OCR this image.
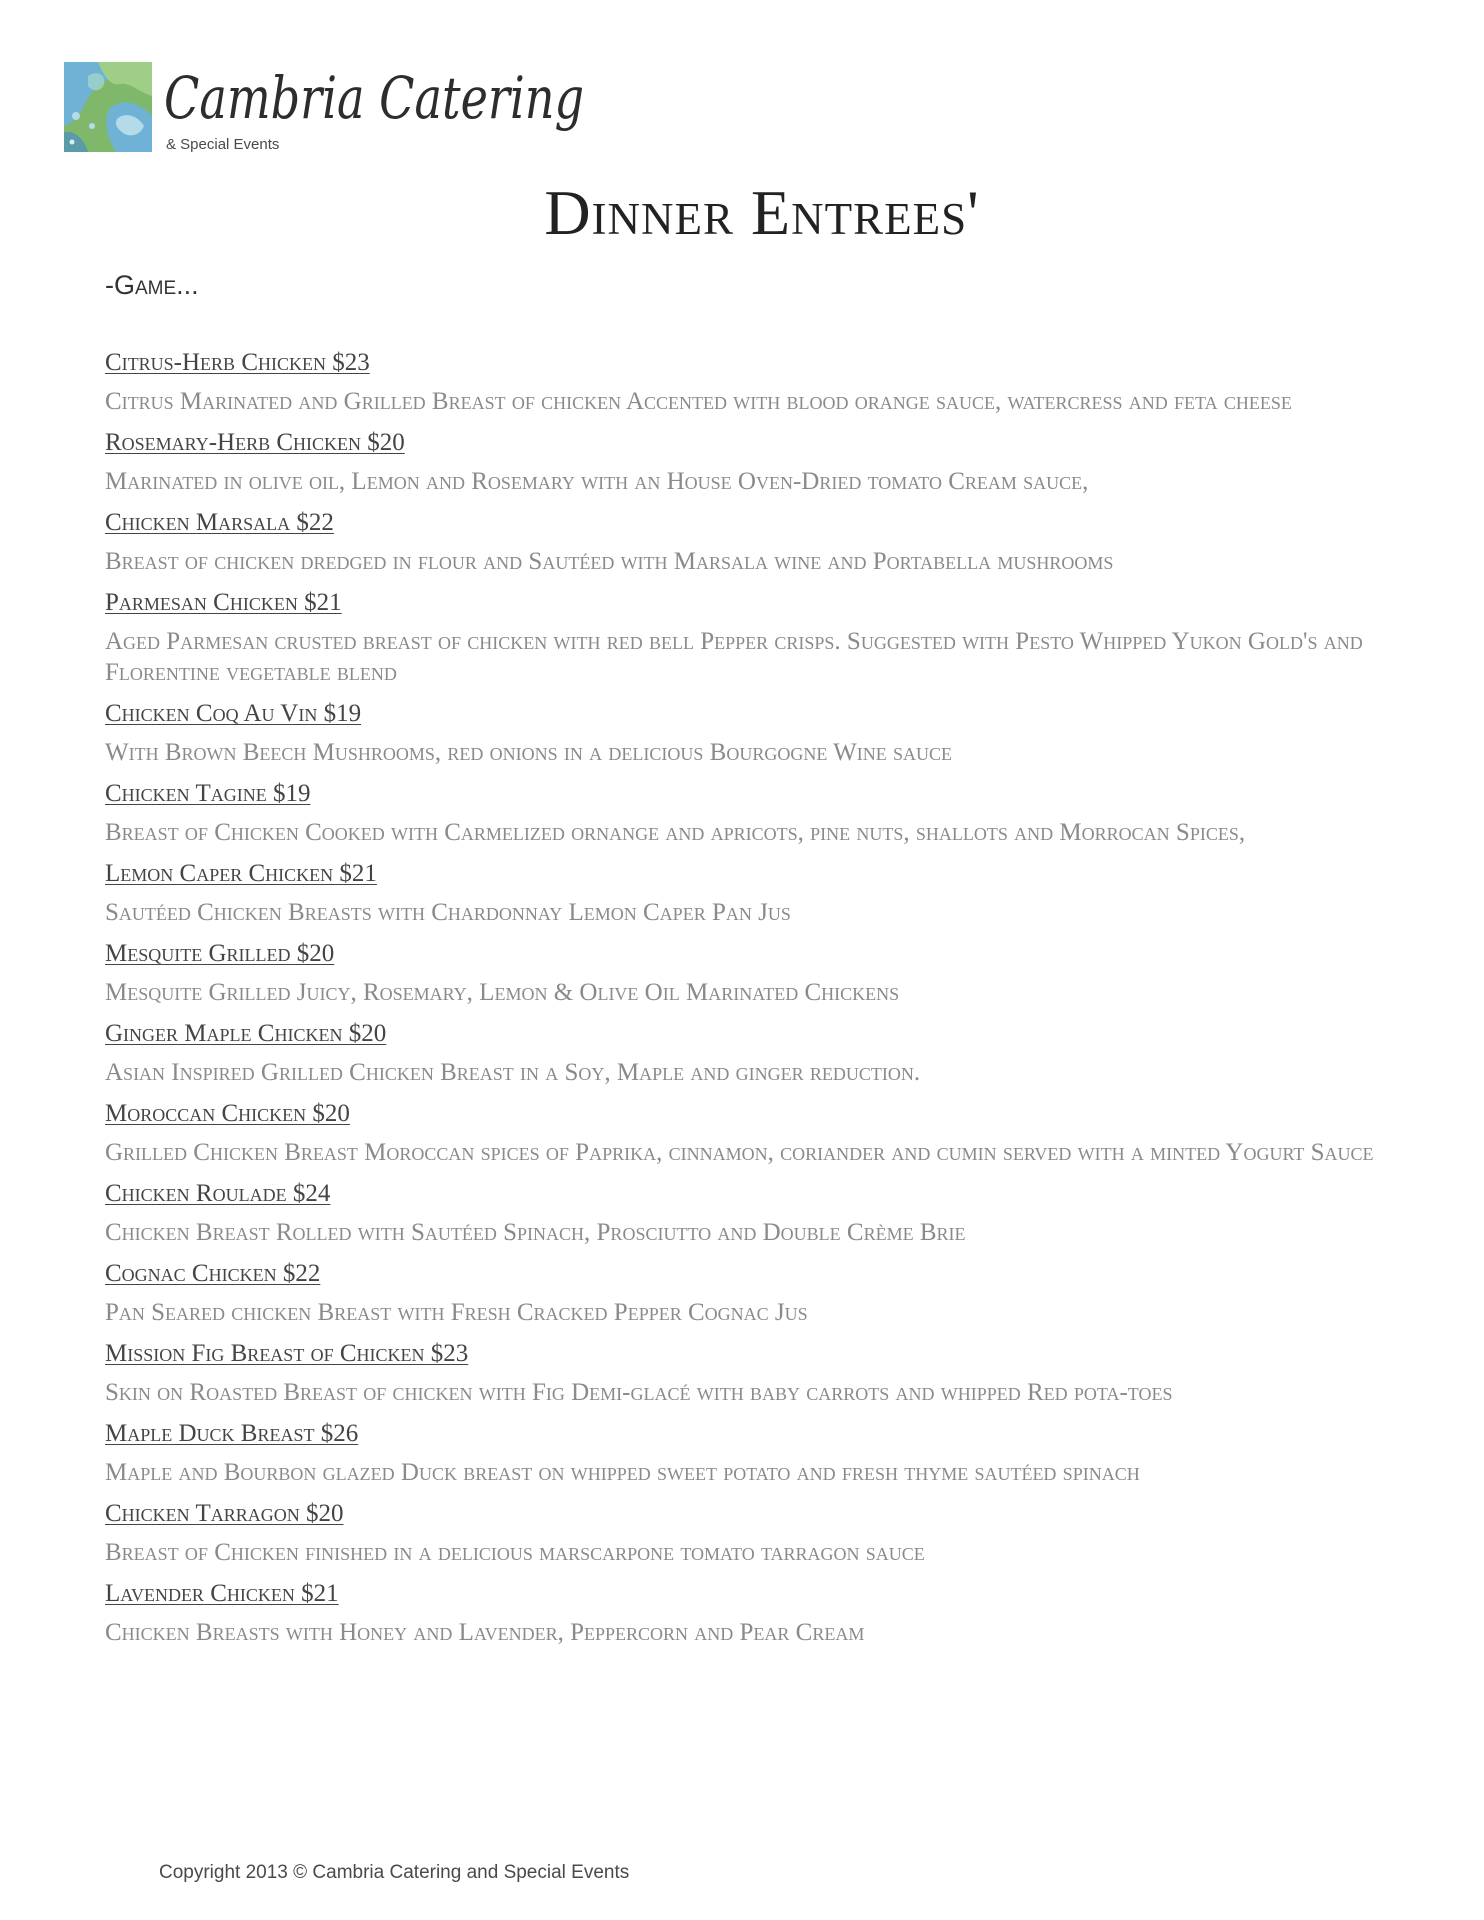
Cambria Catering
& Special Events
Dinner Entrees'
-Game...
Citrus-Herb Chicken $23
Citrus Marinated and Grilled Breast of chicken Accented with blood orange sauce, watercress and feta cheese
Rosemary-Herb Chicken $20
Marinated in olive oil, Lemon and Rosemary with an House Oven-Dried tomato Cream sauce,
Chicken Marsala $22
Breast of chicken dredged in flour and Sautéed with Marsala wine and Portabella mushrooms
Parmesan Chicken $21
Aged Parmesan crusted breast of chicken with red bell Pepper crisps. Suggested with Pesto Whipped Yukon Gold's and Florentine vegetable blend
Chicken Coq Au Vin $19
With Brown Beech Mushrooms, red onions in a delicious Bourgogne Wine sauce
Chicken Tagine $19
Breast of Chicken Cooked with Carmelized ornange and apricots, pine nuts, shallots and Morrocan Spices,
Lemon Caper Chicken $21
Sautéed Chicken Breasts with Chardonnay Lemon Caper Pan Jus
Mesquite Grilled $20
Mesquite Grilled Juicy, Rosemary, Lemon & Olive Oil Marinated Chickens
Ginger Maple Chicken $20
Asian Inspired Grilled Chicken Breast in a Soy, Maple and ginger reduction.
Moroccan Chicken $20
Grilled Chicken Breast Moroccan spices of Paprika, cinnamon, coriander and cumin served with a minted Yogurt Sauce
Chicken Roulade $24
Chicken Breast Rolled with Sautéed Spinach, Prosciutto and Double Crème Brie
Cognac Chicken $22
Pan Seared chicken Breast with Fresh Cracked Pepper Cognac Jus
Mission Fig Breast of Chicken $23
Skin on Roasted Breast of chicken with Fig Demi-glacé with baby carrots and whipped Red pota-toes
Maple Duck Breast $26
Maple and Bourbon glazed Duck breast on whipped sweet potato and fresh thyme sautéed spinach
Chicken Tarragon $20
Breast of Chicken finished in a delicious marscarpone tomato tarragon sauce
Lavender Chicken $21
Chicken Breasts with Honey and Lavender, Peppercorn and Pear Cream
Copyright 2013 © Cambria Catering and Special Events
